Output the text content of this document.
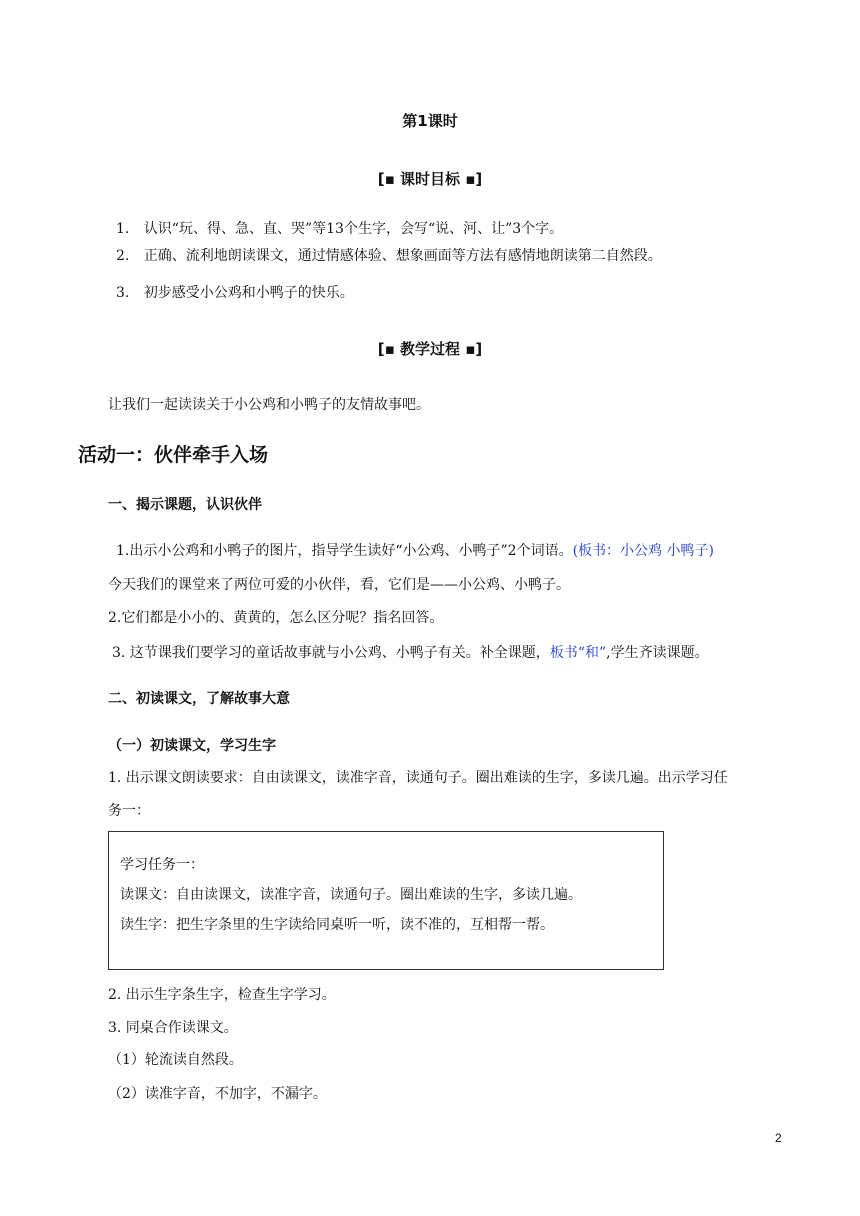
第1课时
[▪ 课时目标 ▪]
1. 认识“玩、得、急、直、哭”等13个生字，会写“说、河、让”3个字。
2. 正确、流利地朗读课文，通过情感体验、想象画面等方法有感情地朗读第二自然段。
3. 初步感受小公鸡和小鸭子的快乐。
[▪ 教学过程 ▪]
让我们一起读读关于小公鸡和小鸭子的友情故事吧。
活动一：伙伴牵手入场
一、揭示课题，认识伙伴
1.出示小公鸡和小鸭子的图片，指导学生读好“小公鸡、小鸭子”2个词语。(板书：小公鸡 小鸭子)
今天我们的课堂来了两位可爱的小伙伴，看，它们是——小公鸡、小鸭子。
2.它们都是小小的、黄黄的，怎么区分呢？指名回答。
3. 这节课我们要学习的童话故事就与小公鸡、小鸭子有关。补全课题，板书“和”,学生齐读课题。
二、初读课文，了解故事大意
（一）初读课文，学习生字
1. 出示课文朗读要求：自由读课文，读准字音，读通句子。圈出难读的生字，多读几遍。出示学习任
务一：
学习任务一：
读课文：自由读课文，读准字音，读通句子。圈出难读的生字，多读几遍。
读生字：把生字条里的生字读给同桌听一听，读不准的，互相帮一帮。
2. 出示生字条生字，检查生字学习。
3. 同桌合作读课文。
（1）轮流读自然段。
（2）读准字音，不加字，不漏字。
2
